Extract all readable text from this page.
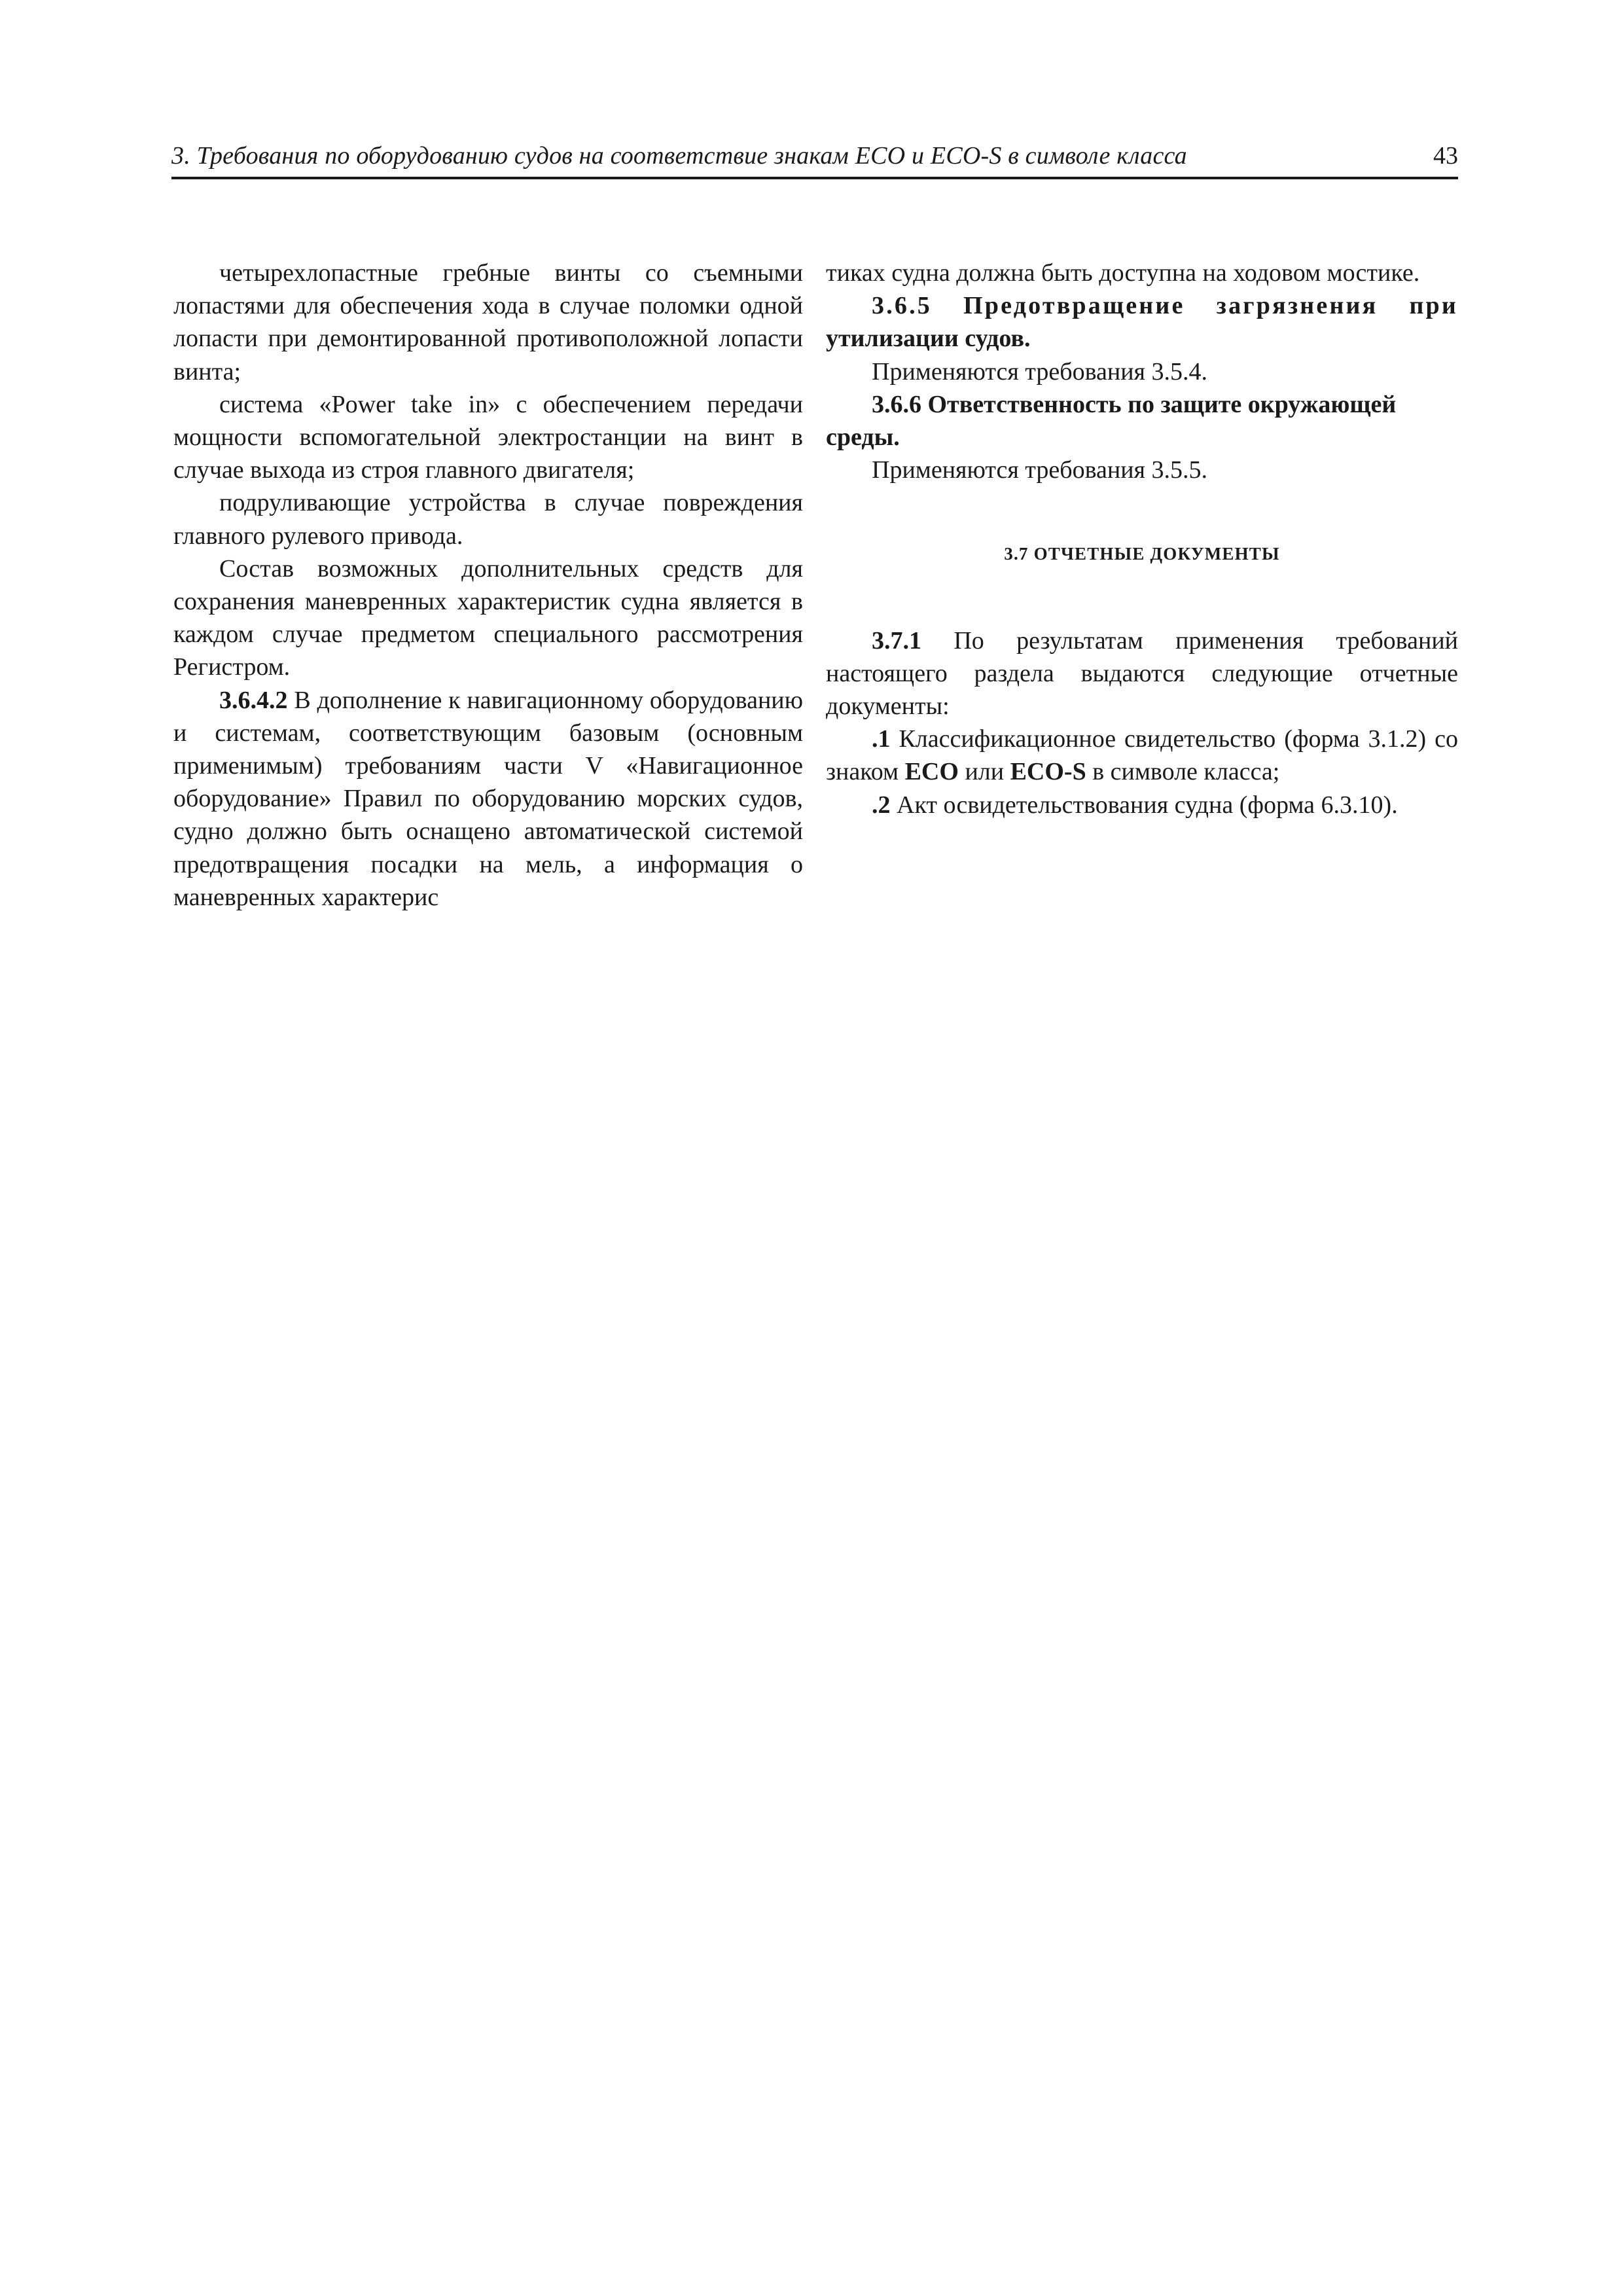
3. Требования по оборудованию судов на соответствие знакам ECO и ECO-S в символе класса	43

четырехлопастные гребные винты со съемными лопастями для обеспечения хода в случае поломки одной лопасти при демонтированной противоположной лопасти винта;

система «Power take in» с обеспечением передачи мощности вспомогательной электростанции на винт в случае выхода из строя главного двигателя;

подруливающие устройства в случае повреждения главного рулевого привода.

Состав возможных дополнительных средств для сохранения маневренных характеристик судна является в каждом случае предметом специального рассмотрения Регистром.

3.6.4.2 В дополнение к навигационному оборудованию и системам, соответствующим базовым (основным применимым) требованиям части V «Навигационное оборудование» Правил по оборудованию морских судов, судно должно быть оснащено автоматической системой предотвращения посадки на мель, а информация о маневренных характерис

тиках судна должна быть доступна на ходовом мостике.

3.6.5 Предотвращение загрязнения при

утилизации судов.

Применяются требования 3.5.4.

3.6.6 Ответственность по защите окружающей

среды.

Применяются требования 3.5.5.

3.7 ОТЧЕТНЫЕ ДОКУМЕНТЫ

3.7.1 По результатам применения требований настоящего раздела выдаются следующие отчетные документы:

.1 Классификационное свидетельство (форма 3.1.2) со знаком ECO или ECO-S в символе класса;

.2 Акт освидетельствования судна (форма 6.3.10).
